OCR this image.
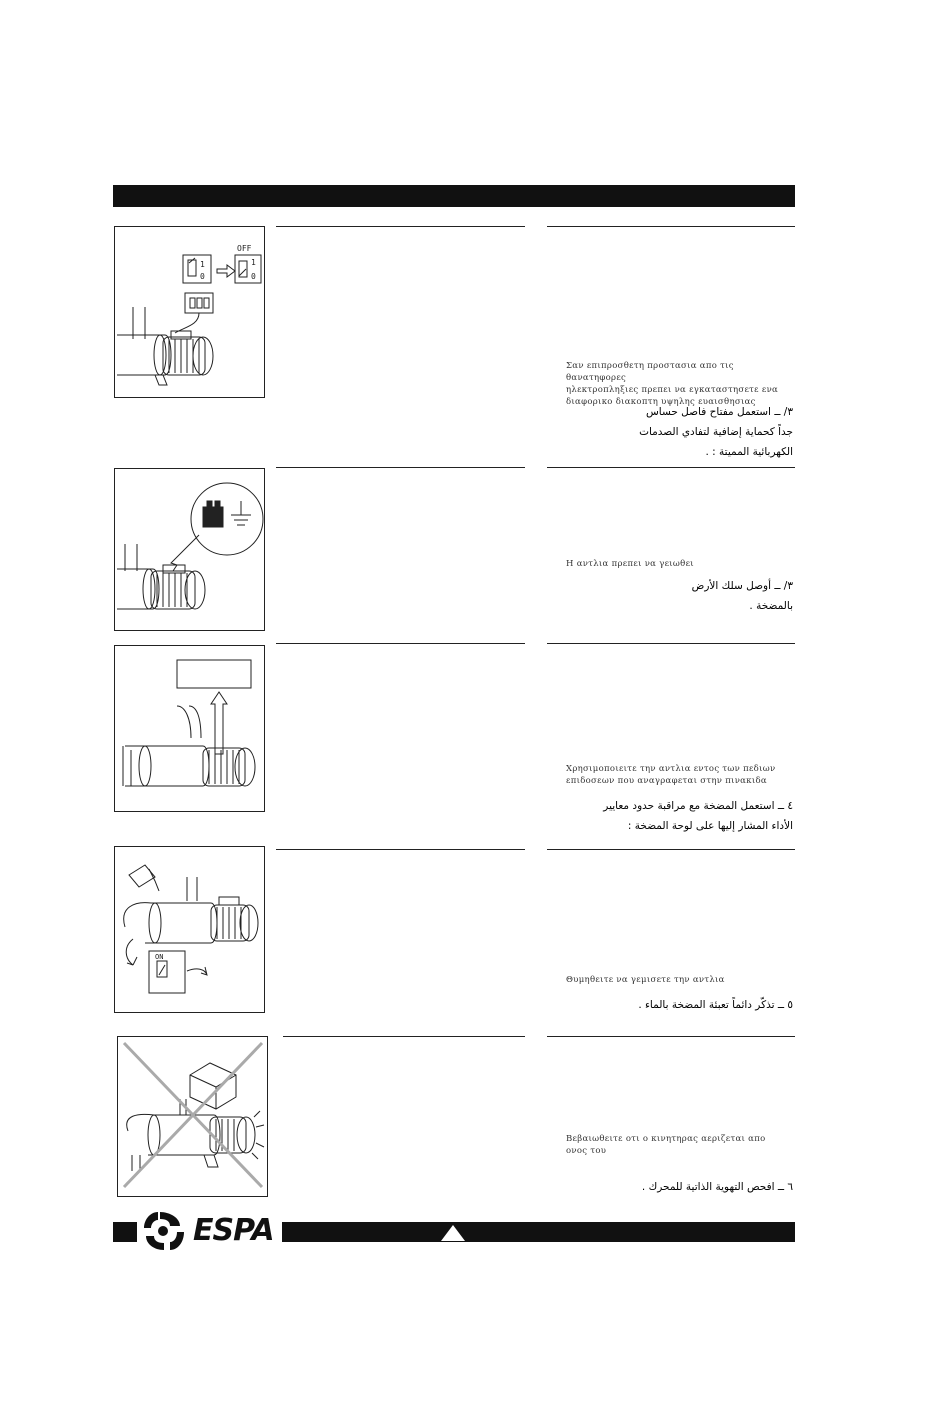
OFF
1
0
1
0
Σαν επιπροσθετη προστασια απο τις θανατηφορες
ηλεκτροπληξιες πρεπει να εγκαταστησετε ενα
διαφορικο διακοπτη υψηλης ευαισθησιας
٣/ ــ استعمل مفتاح فاصل حساس
جداً كحماية إضافية لتفادي الصدمات
الكهربائية المميتة : .
Η αντλια πρεπει να γειωθει
٣/ ــ أوصل سلك الأرض
بالمضخة .
Χρησιμοποιειτε την αντλια εντος των πεδιων
επιδοσεων που αναγραφεται στην πινακιδα
٤ ــ استعمل المضخة مع مراقبة حدود معايير
الأداء المشار إليها على لوحة المضخة :
ON
Θυμηθειτε να γεμισετε την αντλια
٥ ــ تذكّر دائماً تعبئة المضخة بالماء .
Βεβαιωθειτε οτι ο κινητηρας αεριζεται απο
ονος του
٦ ــ افحص التهوية الذاتية للمحرك .
ESPA
